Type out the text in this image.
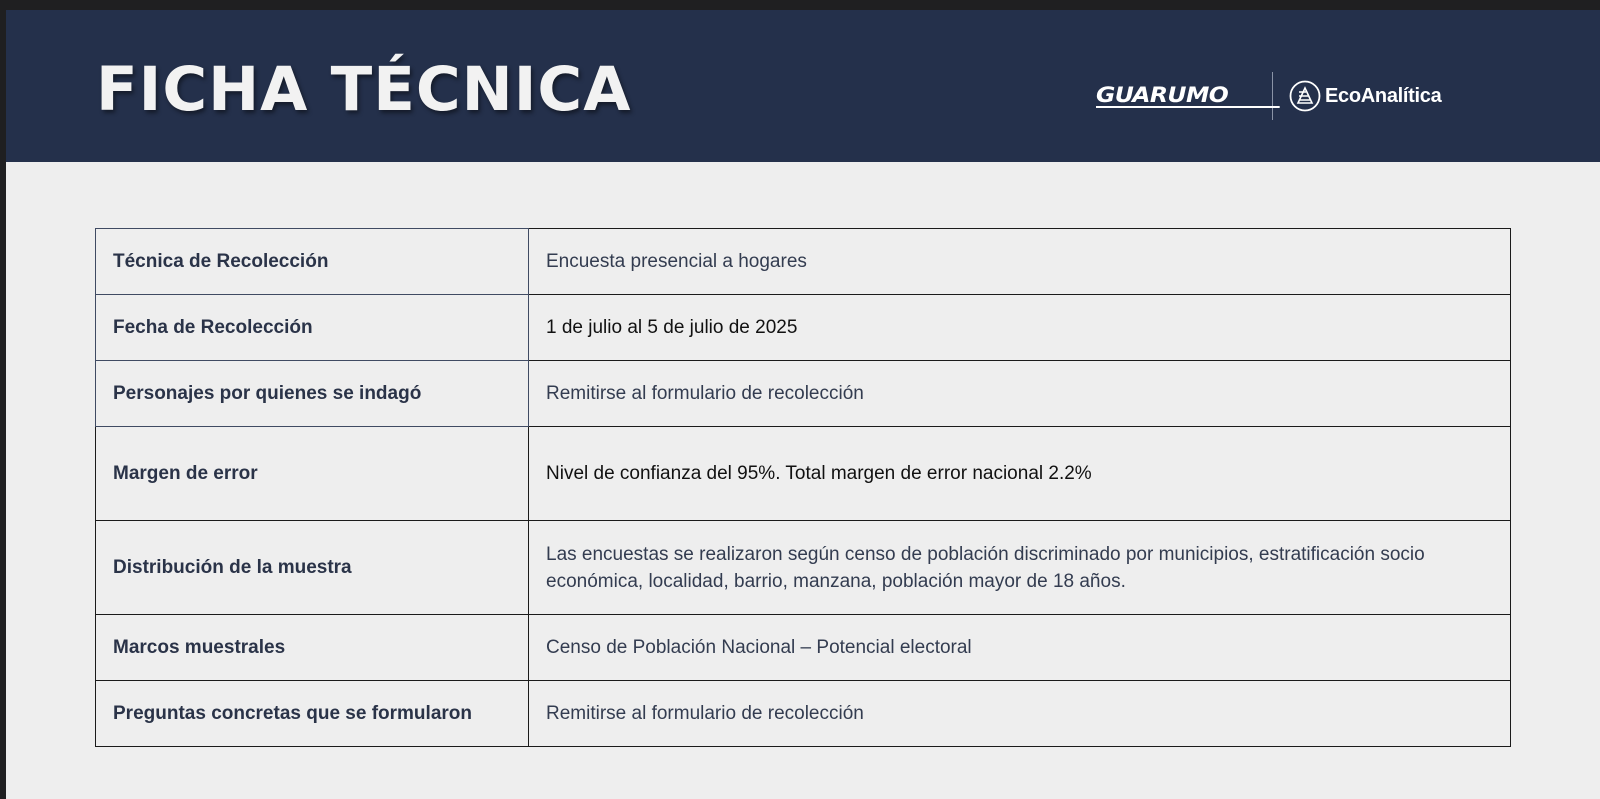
FICHA TÉCNICA	GUARUMO	EcoAnalítica
Técnica de Recolección	Encuesta presencial a hogares
Fecha de Recolección	1 de julio al 5 de julio de 2025
Personajes por quienes se indagó	Remitirse al formulario de recolección
Margen de error	Nivel de confianza del 95%. Total margen de error nacional 2.2%
Distribución de la muestra	Las encuestas se realizaron según censo de población discriminado por municipios, estratificación socio económica, localidad, barrio, manzana, población mayor de 18 años.
Marcos muestrales	Censo de Población Nacional – Potencial electoral
Preguntas concretas que se formularon	Remitirse al formulario de recolección
